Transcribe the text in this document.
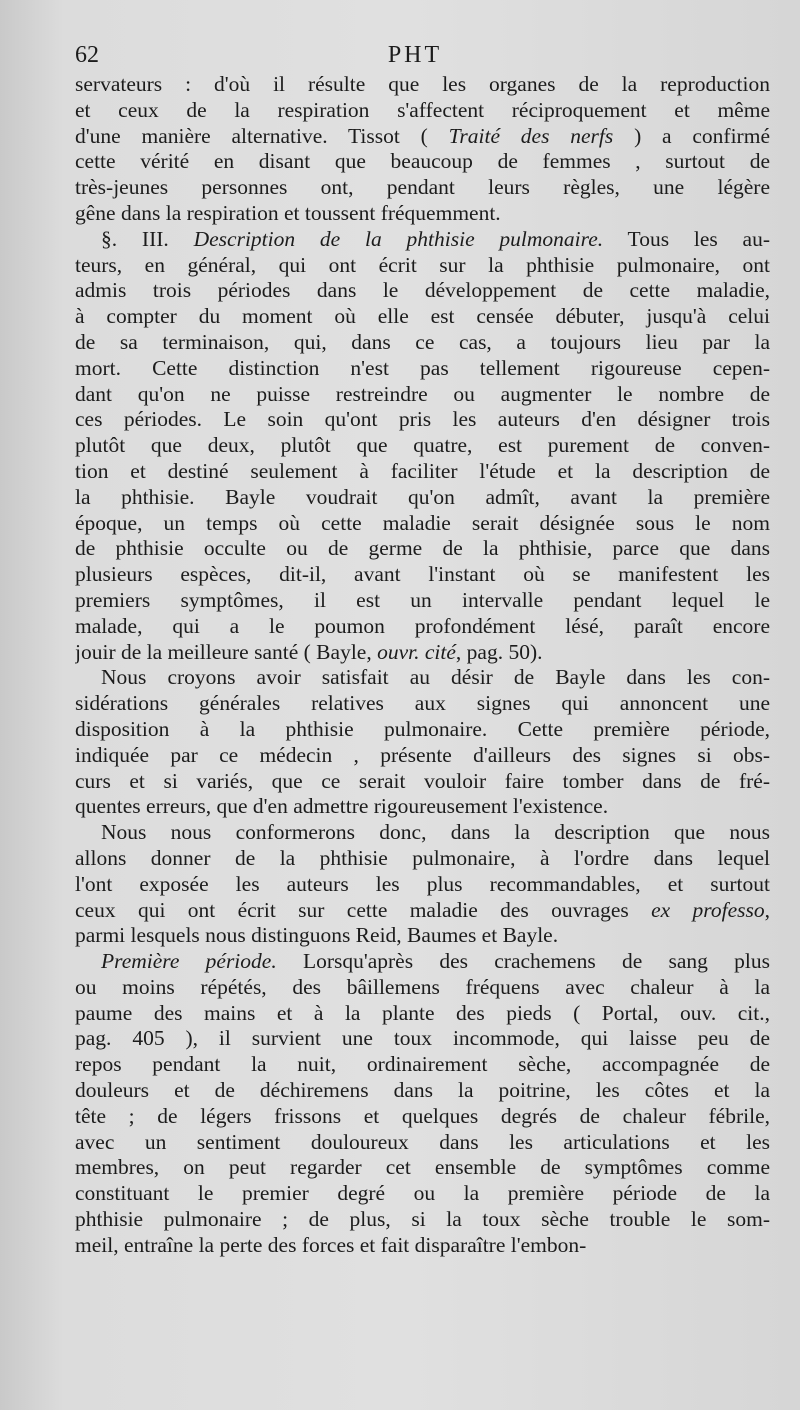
62	PHT
servateurs : d'où il résulte que les organes de la reproduction
et ceux de la respiration s'affectent réciproquement et même
d'une manière alternative. Tissot ( Traité des nerfs ) a confirmé
cette vérité en disant que beaucoup de femmes , surtout de
très-jeunes personnes ont, pendant leurs règles, une légère
gêne dans la respiration et toussent fréquemment.
§. III. Description de la phthisie pulmonaire. Tous les au-
teurs, en général, qui ont écrit sur la phthisie pulmonaire, ont
admis trois périodes dans le développement de cette maladie,
à compter du moment où elle est censée débuter, jusqu'à celui
de sa terminaison, qui, dans ce cas, a toujours lieu par la
mort. Cette distinction n'est pas tellement rigoureuse cepen-
dant qu'on ne puisse restreindre ou augmenter le nombre de
ces périodes. Le soin qu'ont pris les auteurs d'en désigner trois
plutôt que deux, plutôt que quatre, est purement de conven-
tion et destiné seulement à faciliter l'étude et la description de
la phthisie. Bayle voudrait qu'on admît, avant la première
époque, un temps où cette maladie serait désignée sous le nom
de phthisie occulte ou de germe de la phthisie, parce que dans
plusieurs espèces, dit-il, avant l'instant où se manifestent les
premiers symptômes, il est un intervalle pendant lequel le
malade, qui a le poumon profondément lésé, paraît encore
jouir de la meilleure santé ( Bayle, ouvr. cité, pag. 50).
Nous croyons avoir satisfait au désir de Bayle dans les con-
sidérations générales relatives aux signes qui annoncent une
disposition à la phthisie pulmonaire. Cette première période,
indiquée par ce médecin , présente d'ailleurs des signes si obs-
curs et si variés, que ce serait vouloir faire tomber dans de fré-
quentes erreurs, que d'en admettre rigoureusement l'existence.
Nous nous conformerons donc, dans la description que nous
allons donner de la phthisie pulmonaire, à l'ordre dans lequel
l'ont exposée les auteurs les plus recommandables, et surtout
ceux qui ont écrit sur cette maladie des ouvrages ex professo,
parmi lesquels nous distinguons Reid, Baumes et Bayle.
Première période. Lorsqu'après des crachemens de sang plus
ou moins répétés, des bâillemens fréquens avec chaleur à la
paume des mains et à la plante des pieds ( Portal, ouv. cit.,
pag. 405 ), il survient une toux incommode, qui laisse peu de
repos pendant la nuit, ordinairement sèche, accompagnée de
douleurs et de déchiremens dans la poitrine, les côtes et la
tête ; de légers frissons et quelques degrés de chaleur fébrile,
avec un sentiment douloureux dans les articulations et les
membres, on peut regarder cet ensemble de symptômes comme
constituant le premier degré ou la première période de la
phthisie pulmonaire ; de plus, si la toux sèche trouble le som-
meil, entraîne la perte des forces et fait disparaître l'embon-
